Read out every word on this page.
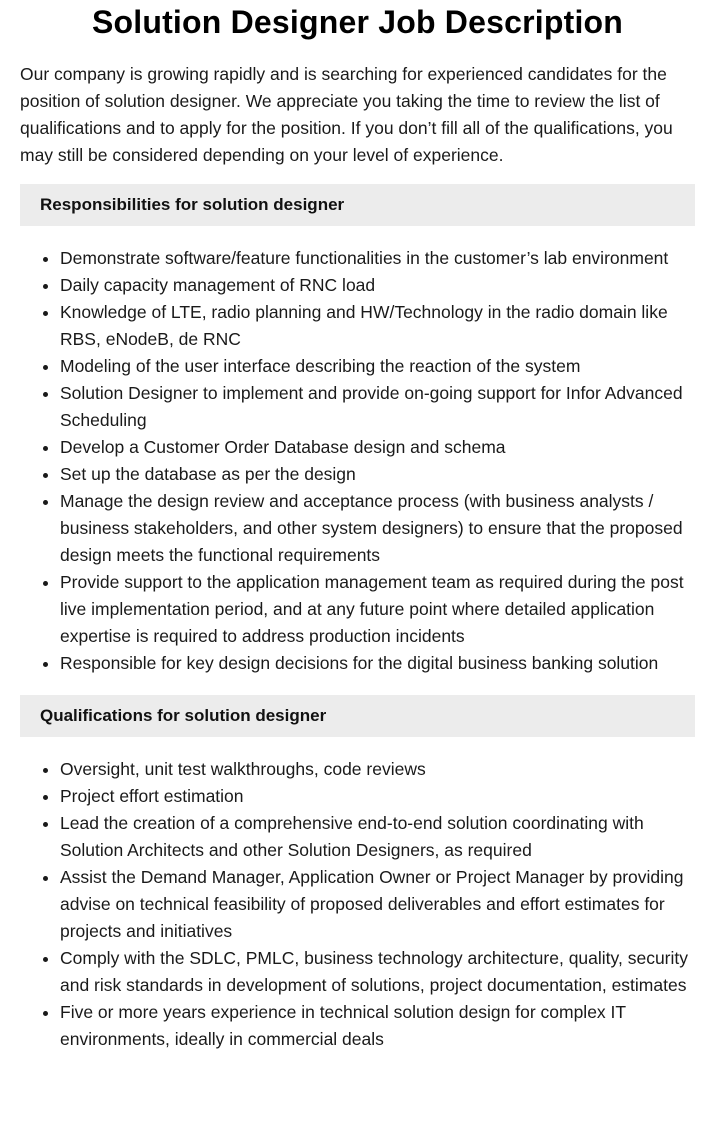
Solution Designer Job Description

Our company is growing rapidly and is searching for experienced candidates for the position of solution designer. We appreciate you taking the time to review the list of qualifications and to apply for the position. If you don’t fill all of the qualifications, you may still be considered depending on your level of experience.

Responsibilities for solution designer
• Demonstrate software/feature functionalities in the customer’s lab environment
• Daily capacity management of RNC load
• Knowledge of LTE, radio planning and HW/Technology in the radio domain like RBS, eNodeB, de RNC
• Modeling of the user interface describing the reaction of the system
• Solution Designer to implement and provide on-going support for Infor Advanced Scheduling
• Develop a Customer Order Database design and schema
• Set up the database as per the design
• Manage the design review and acceptance process (with business analysts / business stakeholders, and other system designers) to ensure that the proposed design meets the functional requirements
• Provide support to the application management team as required during the post live implementation period, and at any future point where detailed application expertise is required to address production incidents
• Responsible for key design decisions for the digital business banking solution
Qualifications for solution designer
• Oversight, unit test walkthroughs, code reviews
• Project effort estimation
• Lead the creation of a comprehensive end-to-end solution coordinating with Solution Architects and other Solution Designers, as required
• Assist the Demand Manager, Application Owner or Project Manager by providing advise on technical feasibility of proposed deliverables and effort estimates for projects and initiatives
• Comply with the SDLC, PMLC, business technology architecture, quality, security and risk standards in development of solutions, project documentation, estimates
• Five or more years experience in technical solution design for complex IT environments, ideally in commercial deals
